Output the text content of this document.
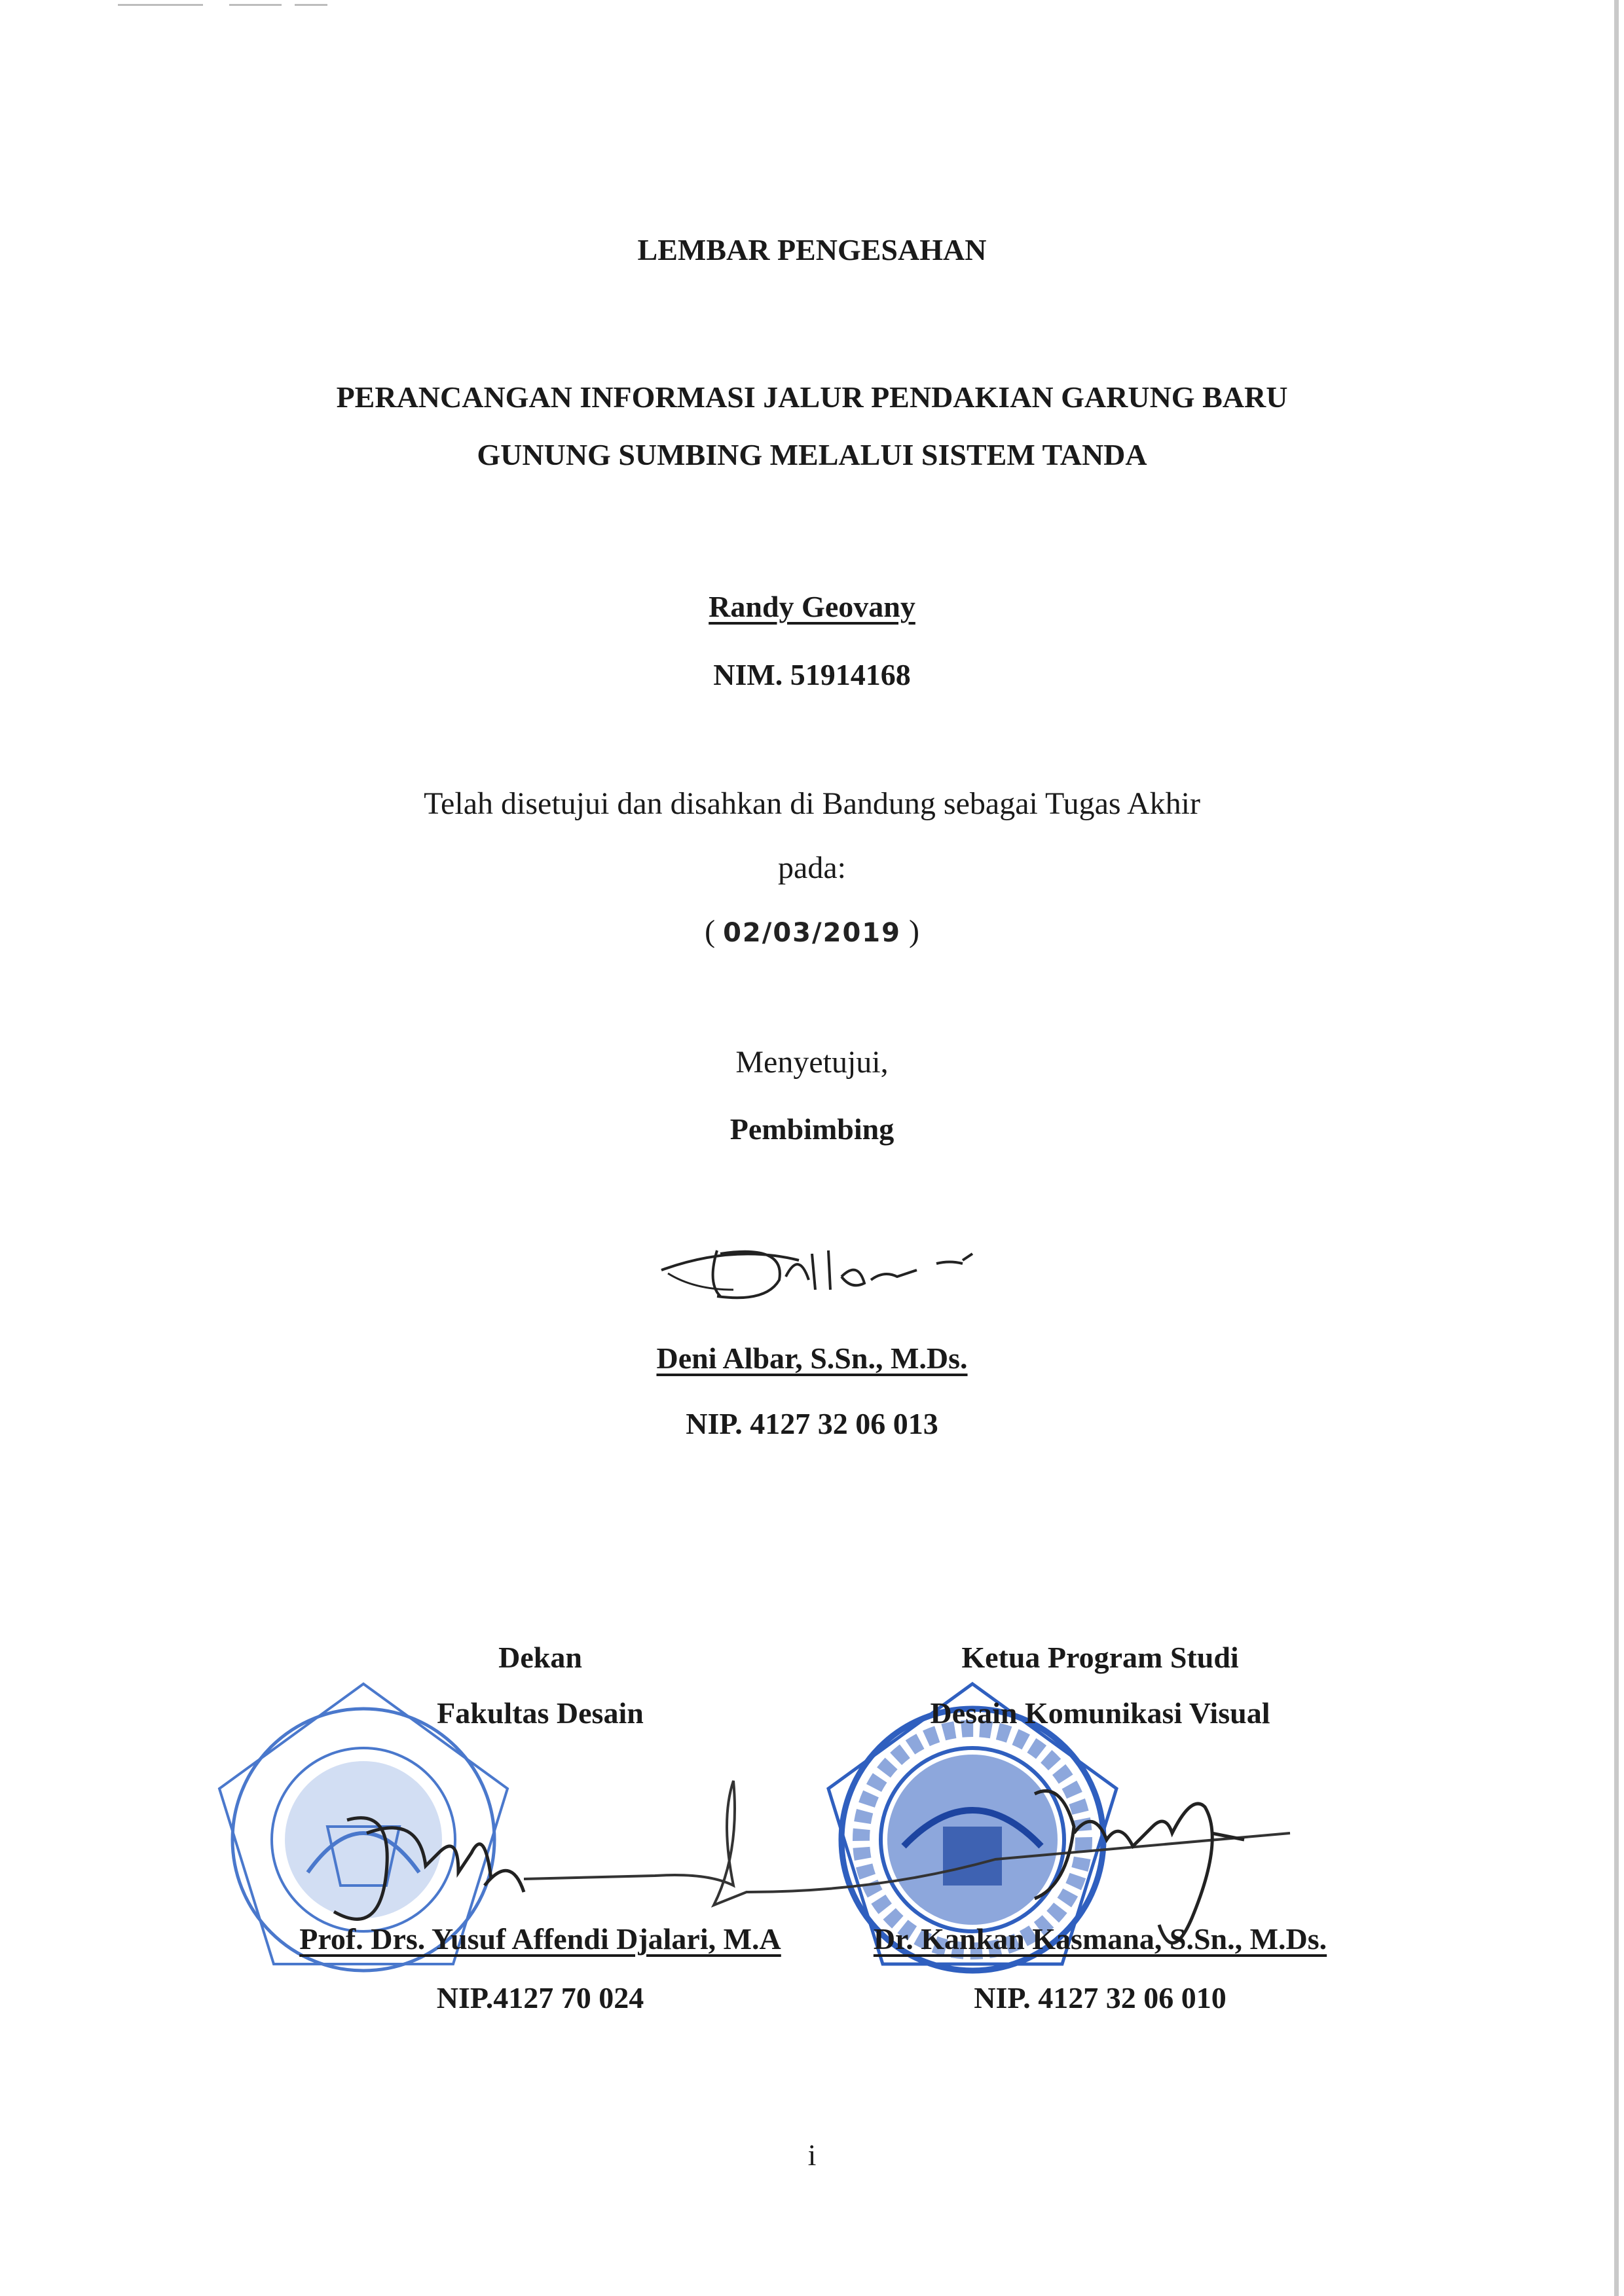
LEMBAR PENGESAHAN
PERANCANGAN INFORMASI JALUR PENDAKIAN GARUNG BARU
GUNUNG SUMBING MELALUI SISTEM TANDA
Randy Geovany
NIM. 51914168
Telah disetujui dan disahkan di Bandung sebagai Tugas Akhir
pada:
( 02/03/2019 )
Menyetujui,
Pembimbing
Deni Albar, S.Sn., M.Ds.
NIP. 4127 32 06 013
Dekan
Fakultas Desain
Ketua Program Studi
Desain Komunikasi Visual
Prof. Drs. Yusuf Affendi Djalari, M.A
NIP.4127 70 024
Dr. Kankan Kasmana, S.Sn., M.Ds.
NIP. 4127 32 06 010
i
